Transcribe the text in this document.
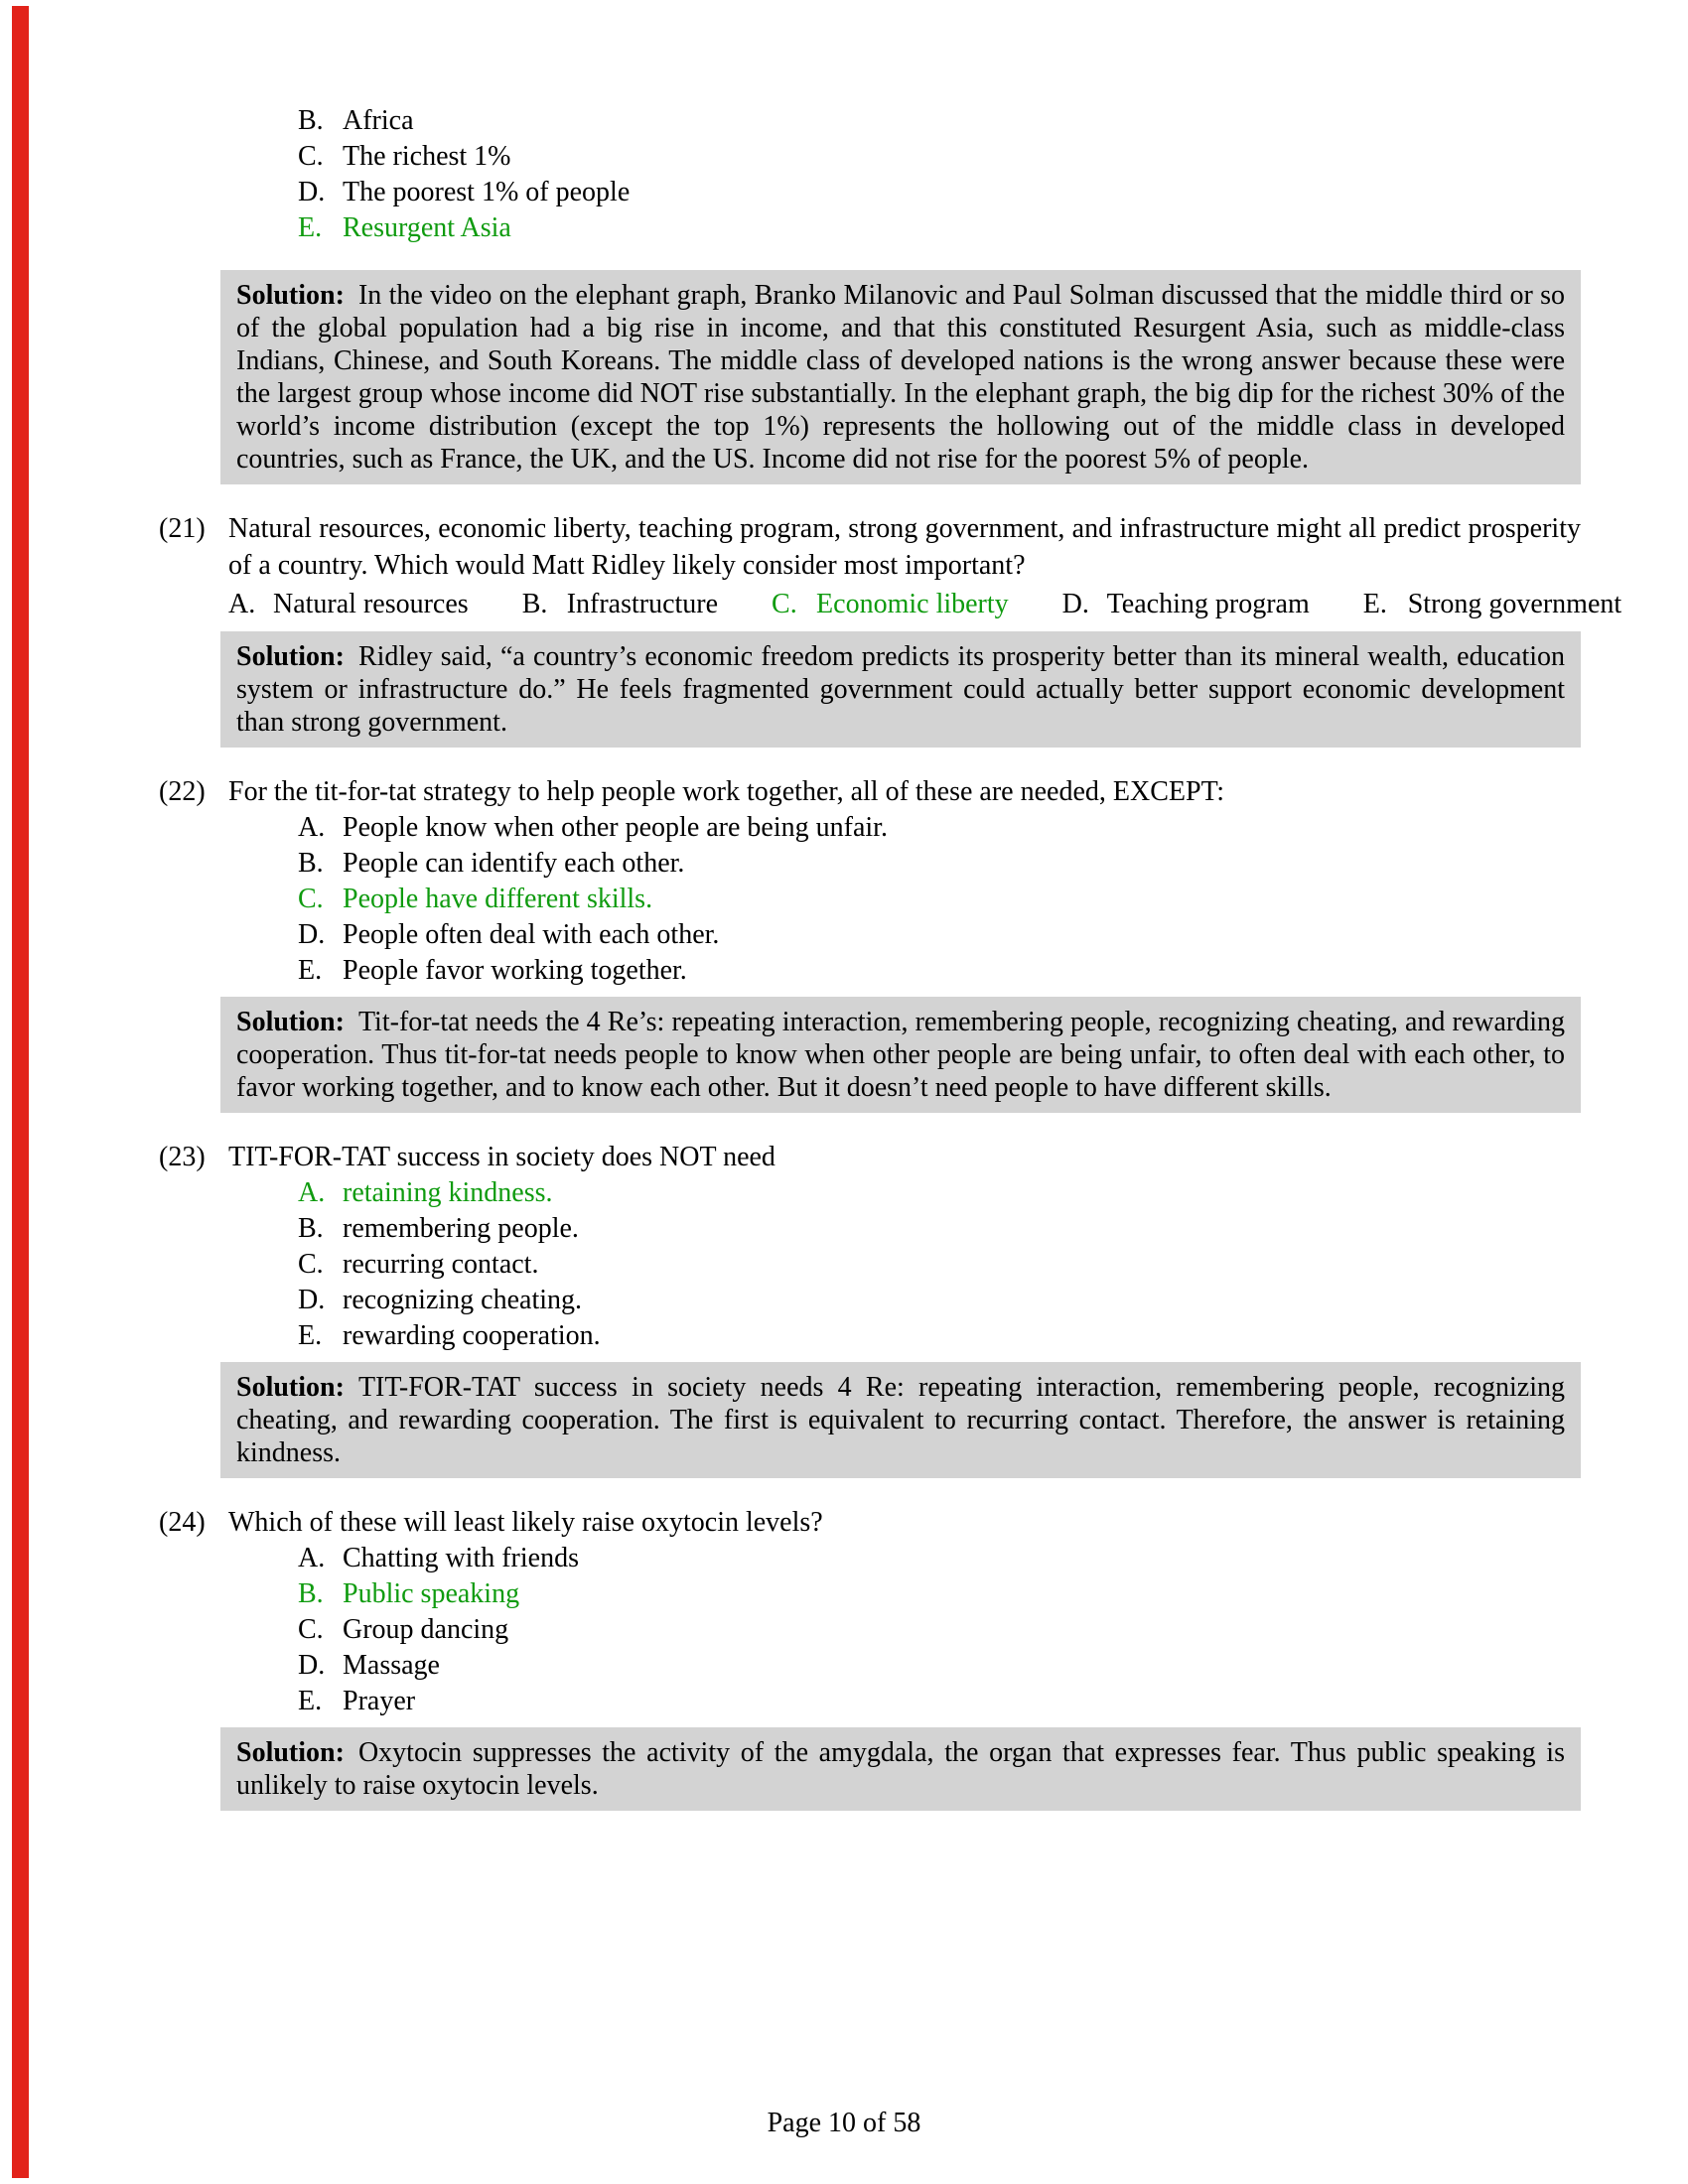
B. Africa
C. The richest 1%
D. The poorest 1% of people
E. Resurgent Asia
Solution: In the video on the elephant graph, Branko Milanovic and Paul Solman discussed that the middle third or so of the global population had a big rise in income, and that this constituted Resurgent Asia, such as middle-class Indians, Chinese, and South Koreans. The middle class of developed nations is the wrong answer because these were the largest group whose income did NOT rise substantially. In the elephant graph, the big dip for the richest 30% of the world’s income distribution (except the top 1%) represents the hollowing out of the middle class in developed countries, such as France, the UK, and the US. Income did not rise for the poorest 5% of people.
(21) Natural resources, economic liberty, teaching program, strong government, and infrastructure might all predict prosperity of a country. Which would Matt Ridley likely consider most important?
A. Natural resources B. Infrastructure C. Economic liberty D. Teaching program E. Strong government
Solution: Ridley said, “a country’s economic freedom predicts its prosperity better than its mineral wealth, education system or infrastructure do.” He feels fragmented government could actually better support economic development than strong government.
(22) For the tit-for-tat strategy to help people work together, all of these are needed, EXCEPT:
A. People know when other people are being unfair.
B. People can identify each other.
C. People have different skills.
D. People often deal with each other.
E. People favor working together.
Solution: Tit-for-tat needs the 4 Re’s: repeating interaction, remembering people, recognizing cheating, and rewarding cooperation. Thus tit-for-tat needs people to know when other people are being unfair, to often deal with each other, to favor working together, and to know each other. But it doesn’t need people to have different skills.
(23) TIT-FOR-TAT success in society does NOT need
A. retaining kindness.
B. remembering people.
C. recurring contact.
D. recognizing cheating.
E. rewarding cooperation.
Solution: TIT-FOR-TAT success in society needs 4 Re: repeating interaction, remembering people, recognizing cheating, and rewarding cooperation. The first is equivalent to recurring contact. Therefore, the answer is retaining kindness.
(24) Which of these will least likely raise oxytocin levels?
A. Chatting with friends
B. Public speaking
C. Group dancing
D. Massage
E. Prayer
Solution: Oxytocin suppresses the activity of the amygdala, the organ that expresses fear. Thus public speaking is unlikely to raise oxytocin levels.
Page 10 of 58
